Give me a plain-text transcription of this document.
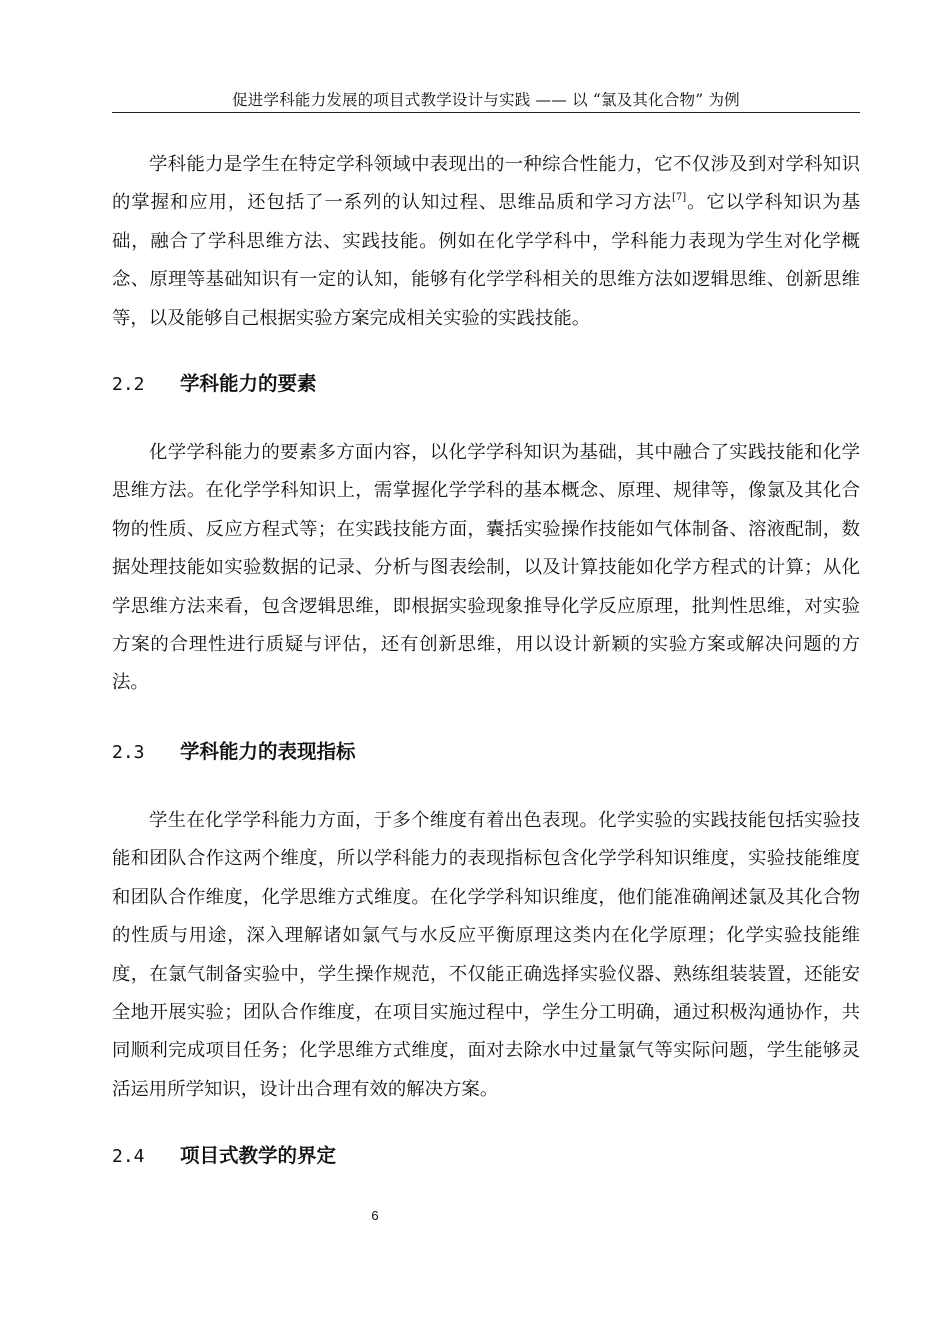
促进学科能力发展的项目式教学设计与实践 —— 以 “氯及其化合物” 为例

学科能力是学生在特定学科领域中表现出的一种综合性能力，它不仅涉及到对学科知识的掌握和应用，还包括了一系列的认知过程、思维品质和学习方法[7]。它以学科知识为基础，融合了学科思维方法、实践技能。例如在化学学科中，学科能力表现为学生对化学概念、原理等基础知识有一定的认知，能够有化学学科相关的思维方法如逻辑思维、创新思维等，以及能够自己根据实验方案完成相关实验的实践技能。

2.2 学科能力的要素

化学学科能力的要素多方面内容，以化学学科知识为基础，其中融合了实践技能和化学思维方法。在化学学科知识上，需掌握化学学科的基本概念、原理、规律等，像氯及其化合物的性质、反应方程式等；在实践技能方面，囊括实验操作技能如气体制备、溶液配制，数据处理技能如实验数据的记录、分析与图表绘制，以及计算技能如化学方程式的计算；从化学思维方法来看，包含逻辑思维，即根据实验现象推导化学反应原理，批判性思维，对实验方案的合理性进行质疑与评估，还有创新思维，用以设计新颖的实验方案或解决问题的方法。

2.3 学科能力的表现指标

学生在化学学科能力方面，于多个维度有着出色表现。化学实验的实践技能包括实验技能和团队合作这两个维度，所以学科能力的表现指标包含化学学科知识维度，实验技能维度和团队合作维度，化学思维方式维度。在化学学科知识维度，他们能准确阐述氯及其化合物的性质与用途，深入理解诸如氯气与水反应平衡原理这类内在化学原理；化学实验技能维度，在氯气制备实验中，学生操作规范，不仅能正确选择实验仪器、熟练组装装置，还能安全地开展实验；团队合作维度，在项目实施过程中，学生分工明确，通过积极沟通协作，共同顺利完成项目任务；化学思维方式维度，面对去除水中过量氯气等实际问题，学生能够灵活运用所学知识，设计出合理有效的解决方案。

2.4 项目式教学的界定
6
